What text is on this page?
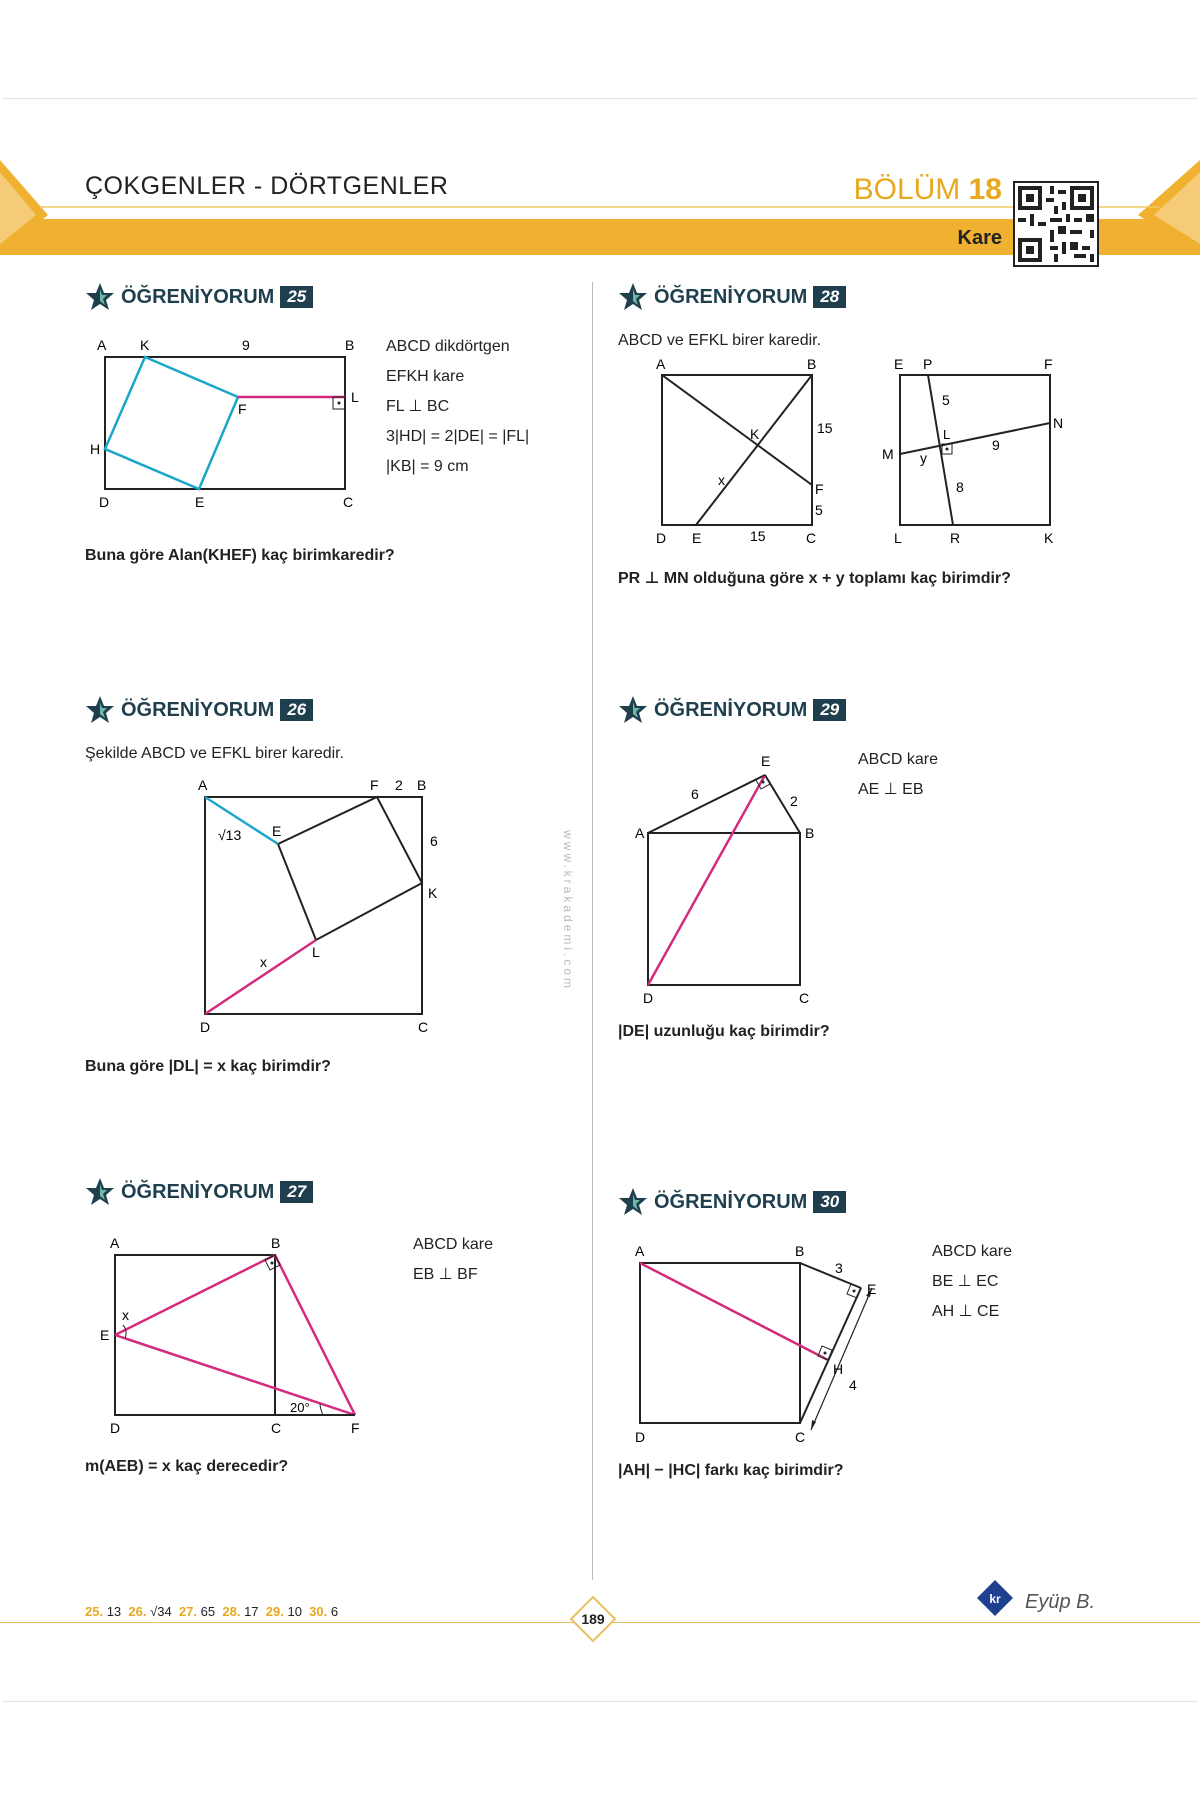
ÇOKGENLER - DÖRTGENLER	BÖLÜM 18
Kare
ÖĞRENİYORUM 25
A K	9	B
L
F
H
D	E	C
ABCD dikdörtgen
EFKH kare
FL ⊥ BC
3|HD| = 2|DE| = |FL|
|KB| = 9 cm
Buna göre Alan(KHEF) kaç birimkaredir?
ÖĞRENİYORUM 26
Şekilde ABCD ve EFKL birer karedir.
A	F 2 B
√13 E
6
K
L
x
D	C
Buna göre |DL| = x kaç birimdir?
ÖĞRENİYORUM 27
A	B
x
E
D	C	F
20°
ABCD kare
EB ⊥ BF
m(AEB) = x kaç derecedir?
ÖĞRENİYORUM 28
ABCD ve EFKL birer karedir.
A	B
K	15
x
F
5
D E	15	C
E P	F
5
L
N
M y
9
8
L	R	K
PR ⊥ MN olduğuna göre x + y toplamı kaç birimdir?
ÖĞRENİYORUM 29
E
6	2
A	B
D	C
ABCD kare
AE ⊥ EB
|DE| uzunluğu kaç birimdir?
ÖĞRENİYORUM 30
A	B
3
E
H
4
D	C
ABCD kare
BE ⊥ EC
AH ⊥ CE
|AH| − |HC| farkı kaç birimdir?
25. 13 26. √34 27. 65 28. 17 29. 10 30. 6	189
kr Eyüp B.
